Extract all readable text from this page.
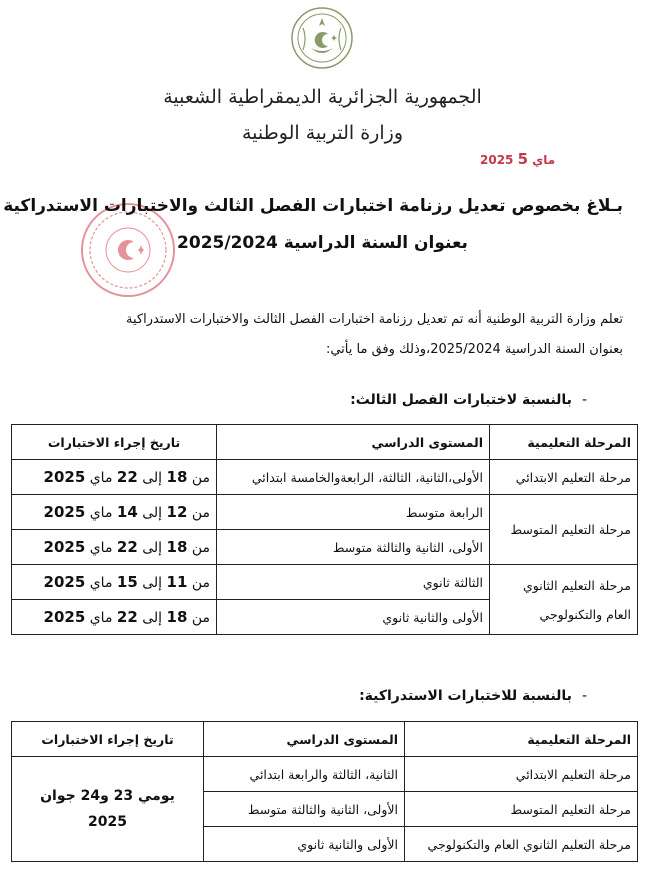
الجمهورية الجزائرية الديمقراطية الشعبية
وزارة التربية الوطنية
2025 ماي 5
بـلاغ بخصوص تعديل رزنامة اختبارات الفصل الثالث والاختبارات الاستدراكية
بعنوان السنة الدراسية 2025/2024
تعلم وزارة التربية الوطنية أنه تم تعديل رزنامة اختبارات الفصل الثالث والاختبارات الاستدراكية
بعنوان السنة الدراسية 2025/2024،وذلك وفق ما يأتي:
-بالنسبة لاختبارات الفصل الثالث:
المرحلة التعليمية	المستوى الدراسي	تاريخ إجراء الاختبارات
مرحلة التعليم الابتدائي	الأولى،الثانية، الثالثة، الرابعةوالخامسة ابتدائي	من 18 إلى 22 ماي 2025
مرحلة التعليم المتوسط	الرابعة متوسط	من 12 إلى 14 ماي 2025
	الأولى، الثانية والثالثة متوسط	من 18 إلى 22 ماي 2025

مرحلة التعليم الثانوي
العام والتكنولوجي	الثالثة ثانوي	من 11 إلى 15 ماي 2025
	الأولى والثانية ثانوي	من 18 إلى 22 ماي 2025
-بالنسبة للاختبارات الاستدراكية:
المرحلة التعليمية	المستوى الدراسي	تاريخ إجراء الاختبارات
مرحلة التعليم الابتدائي	الثانية، الثالثة والرابعة ابتدائي	يومي 23 و24 جوان
2025

مرحلة التعليم المتوسط	الأولى، الثانية والثالثة متوسط	
مرحلة التعليم الثانوي العام والتكنولوجي	الأولى والثانية ثانوي	
